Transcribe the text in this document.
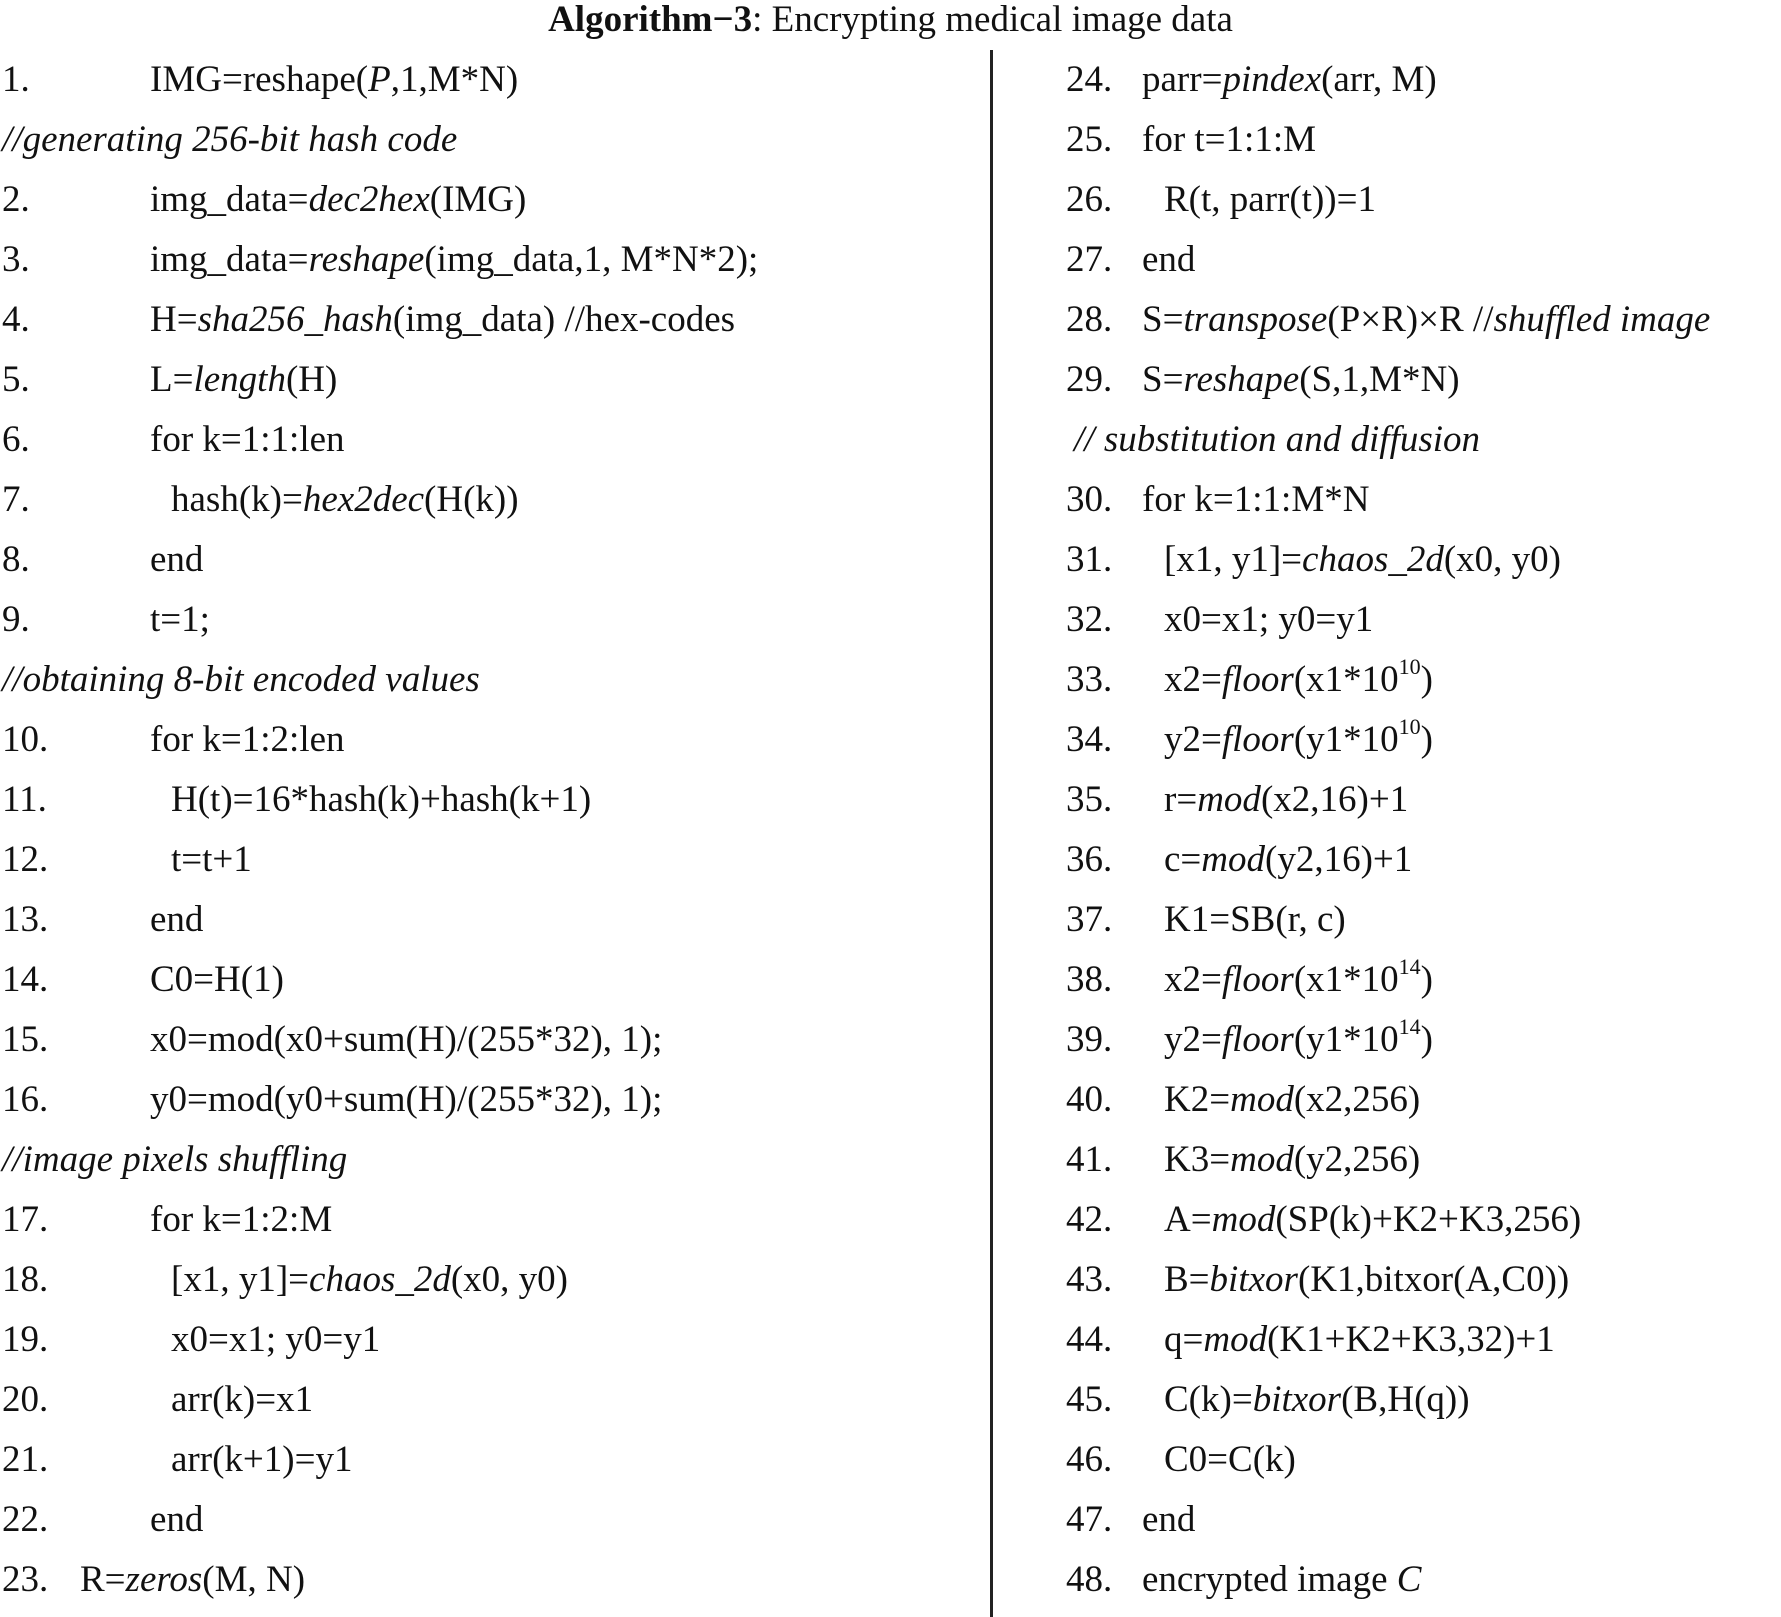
Algorithm−3: Encrypting medical image data
1.	IMG=reshape(P,1,M*N)
//generating 256-bit hash code
2.	img_data=dec2hex(IMG)
3.	img_data=reshape(img_data,1, M*N*2);
4.	H=sha256_hash(img_data) //hex-codes
5.	L=length(H)
6.	for k=1:1:len
7.	hash(k)=hex2dec(H(k))
8.	end
9.	t=1;
//obtaining 8-bit encoded values
10.	for k=1:2:len
11.	H(t)=16*hash(k)+hash(k+1)
12.	t=t+1
13.	end
14.	C0=H(1)
15.	x0=mod(x0+sum(H)/(255*32), 1);
16.	y0=mod(y0+sum(H)/(255*32), 1);
//image pixels shuffling
17.	for k=1:2:M
18.	[x1, y1]=chaos_2d(x0, y0)
19.	x0=x1; y0=y1
20.	arr(k)=x1
21.	arr(k+1)=y1
22.	end
23. R=zeros(M, N)
24. parr=pindex(arr, M)
25. for t=1:1:M
26. R(t, parr(t))=1
27. end
28. S=transpose(P×R)×R //shuffled image
29. S=reshape(S,1,M*N)
// substitution and diffusion
30. for k=1:1:M*N
31. [x1, y1]=chaos_2d(x0, y0)
32. x0=x1; y0=y1
33. $x2=floor(x1*10^{10})$
34. $y2=floor(y1*10^{10})$
35. r=mod(x2,16)+1
36. c=mod(y2,16)+1
37. K1=SB(r, c)
38. $x2=floor(x1*10^{14})$
39. $y2=floor(y1*10^{14})$
40. K2=mod(x2,256)
41. K3=mod(y2,256)
42. A=mod(SP(k)+K2+K3,256)
43. B=bitxor(K1,bitxor(A,C0))
44. q=mod(K1+K2+K3,32)+1
45. C(k)=bitxor(B,H(q))
46. C0=C(k)
47. end
48. encrypted image C
